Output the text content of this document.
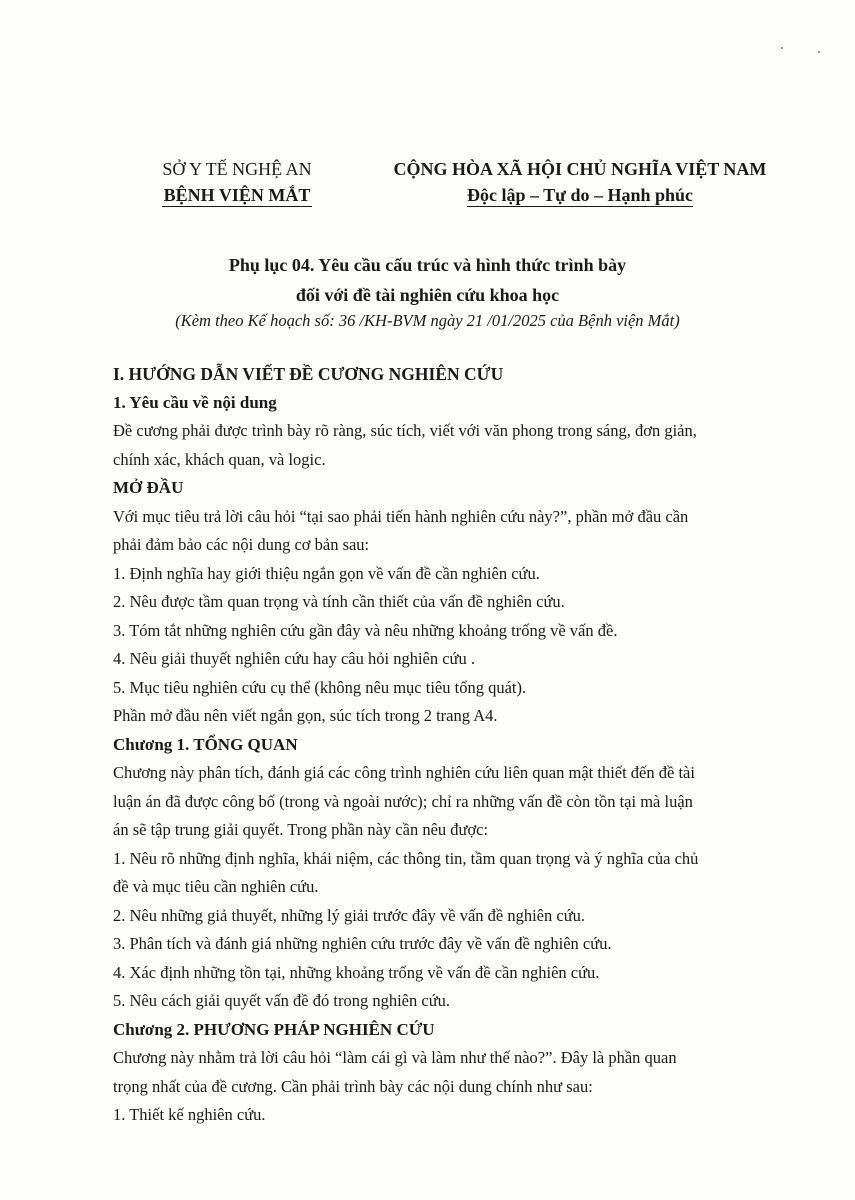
SỞ Y TẾ NGHỆ AN
BỆNH VIỆN MẮT
CỘNG HÒA XÃ HỘI CHỦ NGHĨA VIỆT NAM
Độc lập – Tự do – Hạnh phúc
Phụ lục 04. Yêu cầu cấu trúc và hình thức trình bày
đối với đề tài nghiên cứu khoa học
(Kèm theo Kế hoạch số: 36 /KH-BVM ngày 21 /01/2025 của Bệnh viện Mắt)

I. HƯỚNG DẪN VIẾT ĐỀ CƯƠNG NGHIÊN CỨU

1. Yêu cầu về nội dung

Đề cương phải được trình bày rõ ràng, súc tích, viết với văn phong trong sáng, đơn giản,

chính xác, khách quan, và logic.

MỞ ĐẦU

Với mục tiêu trả lời câu hỏi “tại sao phải tiến hành nghiên cứu này?”, phần mở đầu cần

phải đảm bảo các nội dung cơ bản sau:

1. Định nghĩa hay giới thiệu ngắn gọn về vấn đề cần nghiên cứu.

2. Nêu được tầm quan trọng và tính cần thiết của vấn đề nghiên cứu.

3. Tóm tắt những nghiên cứu gần đây và nêu những khoảng trống về vấn đề.

4. Nêu giải thuyết nghiên cứu hay câu hỏi nghiên cứu .

5. Mục tiêu nghiên cứu cụ thể (không nêu mục tiêu tổng quát).

Phần mở đầu nên viết ngắn gọn, súc tích trong 2 trang A4.

Chương 1. TỔNG QUAN

Chương này phân tích, đánh giá các công trình nghiên cứu liên quan mật thiết đến đề tài

luận án đã được công bố (trong và ngoài nước); chỉ ra những vấn đề còn tồn tại mà luận

án sẽ tập trung giải quyết. Trong phần này cần nêu được:

1. Nêu rõ những định nghĩa, khái niệm, các thông tin, tầm quan trọng và ý nghĩa của chủ

đề và mục tiêu cần nghiên cứu.

2. Nêu những giả thuyết, những lý giải trước đây về vấn đề nghiên cứu.

3. Phân tích và đánh giá những nghiên cứu trước đây về vấn đề nghiên cứu.

4. Xác định những tồn tại, những khoảng trống về vấn đề cần nghiên cứu.

5. Nêu cách giải quyết vấn đề đó trong nghiên cứu.

Chương 2. PHƯƠNG PHÁP NGHIÊN CỨU

Chương này nhằm trả lời câu hỏi “làm cái gì và làm như thế nào?”. Đây là phần quan

trọng nhất của đề cương. Cần phải trình bày các nội dung chính như sau:

1. Thiết kế nghiên cứu.
